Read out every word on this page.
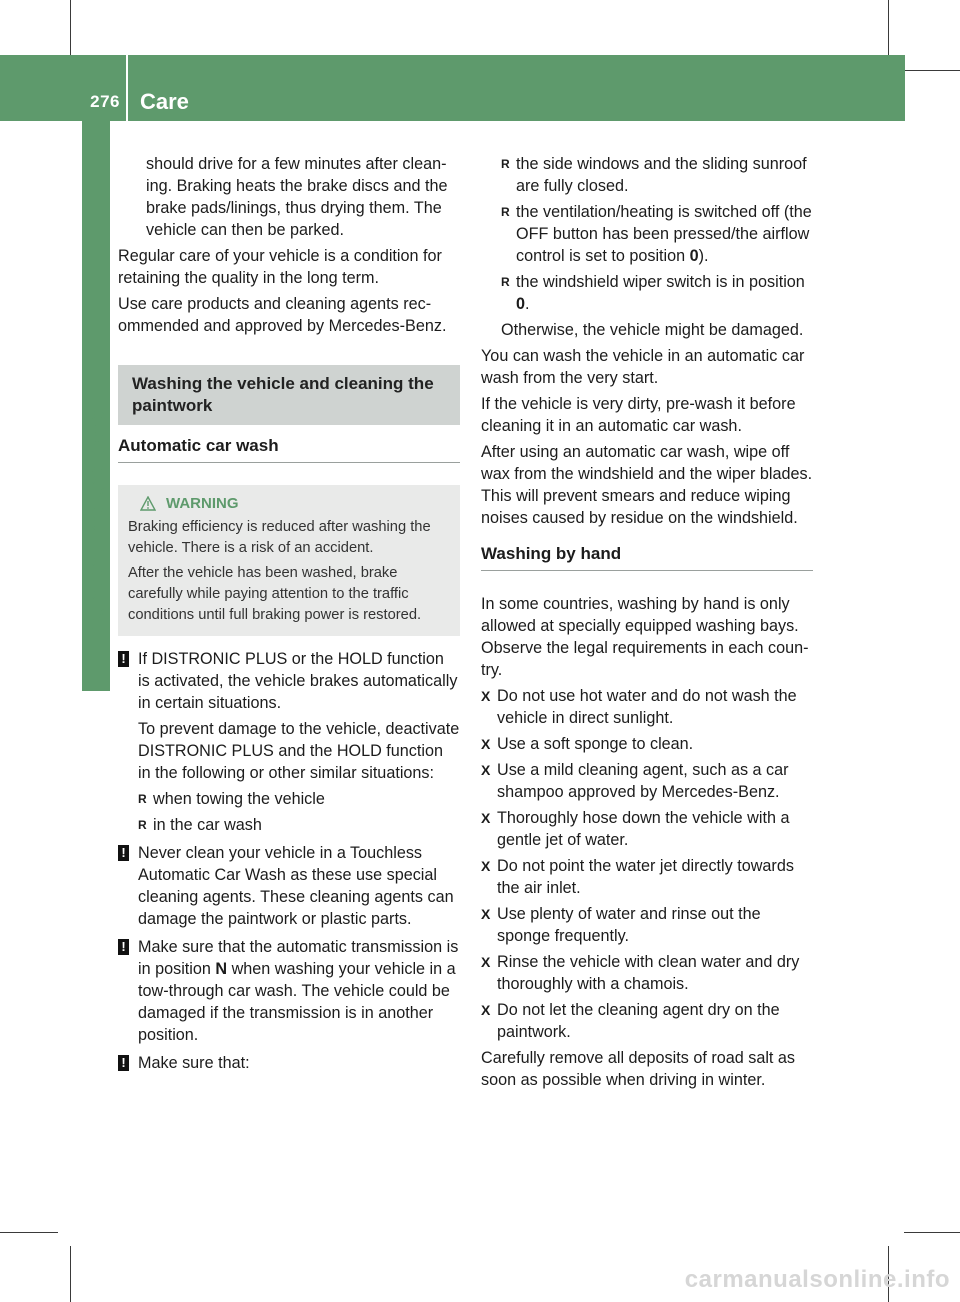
276 Care
Maintenance and care

should drive for a few minutes after cleaning. Braking heats the brake discs and the brake pads/linings, thus drying them. The vehicle can then be parked.

Regular care of your vehicle is a condition for retaining the quality in the long term.

Use care products and cleaning agents recommended and approved by Mercedes-Benz.

Washing the vehicle and cleaning the paintwork
Automatic car wash
WARNING

Braking efficiency is reduced after washing the vehicle. There is a risk of an accident.

After the vehicle has been washed, brake carefully while paying attention to the traffic conditions until full braking power is restored.

! If DISTRONIC PLUS or the HOLD function is activated, the vehicle brakes automatically in certain situations.

To prevent damage to the vehicle, deactivate DISTRONIC PLUS and the HOLD function in the following or other similar situations:

R when towing the vehicle
R in the car wash
! Never clean your vehicle in a Touchless Automatic Car Wash as these use special cleaning agents. These cleaning agents can damage the paintwork or plastic parts.

! Make sure that the automatic transmission is in position N when washing your vehicle in a tow-through car wash. The vehicle could be damaged if the transmission is in another position.

! Make sure that:

R the side windows and the sliding sunroof are fully closed.
R the ventilation/heating is switched off (the OFF button has been pressed/the airflow control is set to position 0).
R the windshield wiper switch is in position 0.

Otherwise, the vehicle might be damaged.

You can wash the vehicle in an automatic car wash from the very start.

If the vehicle is very dirty, pre-wash it before cleaning it in an automatic car wash.

After using an automatic car wash, wipe off wax from the windshield and the wiper blades. This will prevent smears and reduce wiping noises caused by residue on the windshield.

Washing by hand

In some countries, washing by hand is only allowed at specially equipped washing bays. Observe the legal requirements in each country.

X Do not use hot water and do not wash the vehicle in direct sunlight.
X Use a soft sponge to clean.
X Use a mild cleaning agent, such as a car shampoo approved by Mercedes-Benz.
X Thoroughly hose down the vehicle with a gentle jet of water.
X Do not point the water jet directly towards the air inlet.
X Use plenty of water and rinse out the sponge frequently.
X Rinse the vehicle with clean water and dry thoroughly with a chamois.
X Do not let the cleaning agent dry on the paintwork.

Carefully remove all deposits of road salt as soon as possible when driving in winter.

carmanualsonline.info
